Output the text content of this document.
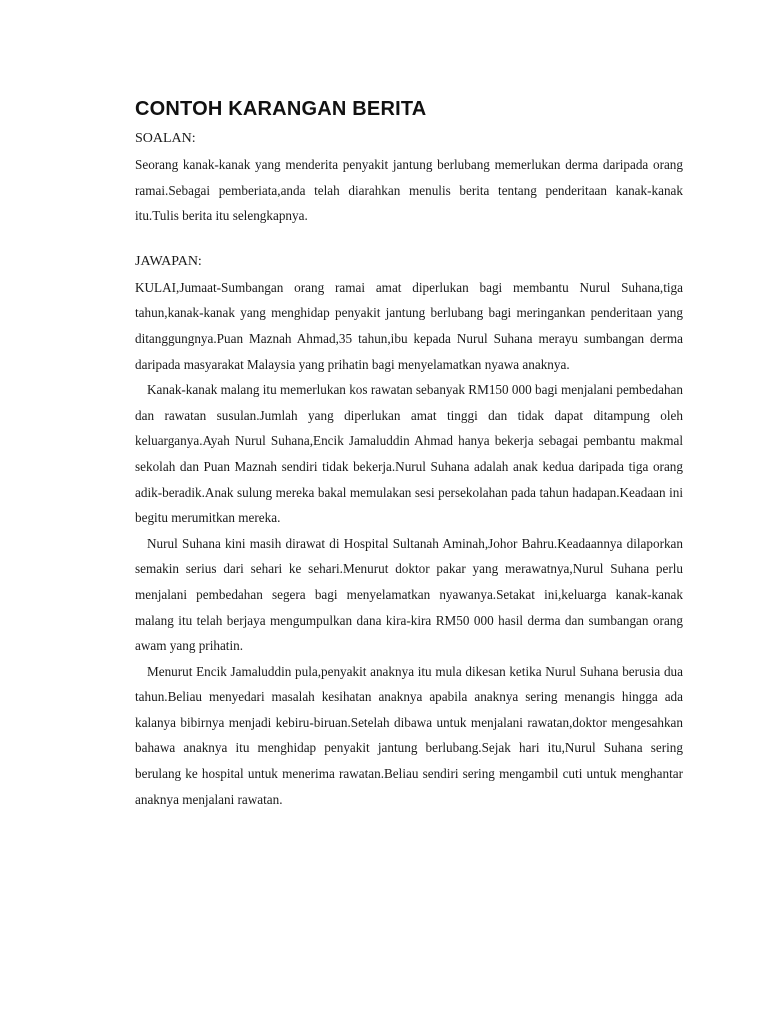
CONTOH KARANGAN BERITA

SOALAN:

Seorang kanak-kanak yang menderita penyakit jantung berlubang memerlukan derma daripada orang ramai.Sebagai pemberiata,anda telah diarahkan menulis berita tentang penderitaan kanak-kanak itu.Tulis berita itu selengkapnya.

JAWAPAN:

KULAI,Jumaat-Sumbangan orang ramai amat diperlukan bagi membantu Nurul Suhana,tiga tahun,kanak-kanak yang menghidap penyakit jantung berlubang bagi meringankan penderitaan yang ditanggungnya.Puan Maznah Ahmad,35 tahun,ibu kepada Nurul Suhana merayu sumbangan derma daripada masyarakat Malaysia yang prihatin bagi menyelamatkan nyawa anaknya.

Kanak-kanak malang itu memerlukan kos rawatan sebanyak RM150 000 bagi menjalani pembedahan dan rawatan susulan.Jumlah yang diperlukan amat tinggi dan tidak dapat ditampung oleh keluarganya.Ayah Nurul Suhana,Encik Jamaluddin Ahmad hanya bekerja sebagai pembantu makmal sekolah dan Puan Maznah sendiri tidak bekerja.Nurul Suhana adalah anak kedua daripada tiga orang adik-beradik.Anak sulung mereka bakal memulakan sesi persekolahan pada tahun hadapan.Keadaan ini begitu merumitkan mereka.

Nurul Suhana kini masih dirawat di Hospital Sultanah Aminah,Johor Bahru.Keadaannya dilaporkan semakin serius dari sehari ke sehari.Menurut doktor pakar yang merawatnya,Nurul Suhana perlu menjalani pembedahan segera bagi menyelamatkan nyawanya.Setakat ini,keluarga kanak-kanak malang itu telah berjaya mengumpulkan dana kira-kira RM50 000 hasil derma dan sumbangan orang awam yang prihatin.

Menurut Encik Jamaluddin pula,penyakit anaknya itu mula dikesan ketika Nurul Suhana berusia dua tahun.Beliau menyedari masalah kesihatan anaknya apabila anaknya sering menangis hingga ada kalanya bibirnya menjadi kebiru-biruan.Setelah dibawa untuk menjalani rawatan,doktor mengesahkan bahawa anaknya itu menghidap penyakit jantung berlubang.Sejak hari itu,Nurul Suhana sering berulang ke hospital untuk menerima rawatan.Beliau sendiri sering mengambil cuti untuk menghantar anaknya menjalani rawatan.
